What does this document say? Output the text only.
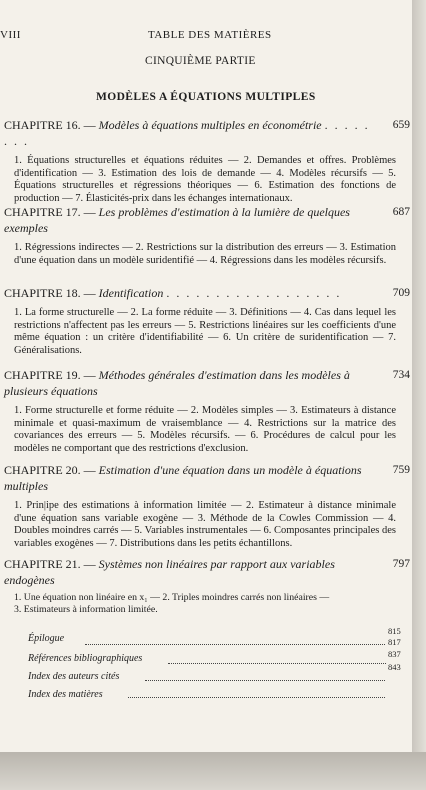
VIII	TABLE DES MATIÈRES
CINQUIÈME PARTIE
MODÈLES A ÉQUATIONS MULTIPLES
CHAPITRE 16. — Modèles à équations multiples en économétrie . . . . . . . .
659
1. Équations structurelles et équations réduites — 2. Demandes et offres. Problèmes d'identification — 3. Estimation des lois de demande — 4. Modèles récursifs — 5. Équations structurelles et régressions théoriques — 6. Estimation des fonctions de production — 7. Élasticités-prix dans les échanges internationaux.
CHAPITRE 17. — Les problèmes d'estimation à la lumière de quelques exemples
687
1. Régressions indirectes — 2. Restrictions sur la distribution des erreurs — 3. Estimation d'une équation dans un modèle suridentifié — 4. Régressions dans les modèles récursifs.
CHAPITRE 18. — Identification . . . . . . . . . . . . . . . . . .	709
1. La forme structurelle — 2. La forme réduite — 3. Définitions — 4. Cas dans lequel les restrictions n'affectent pas les erreurs — 5. Restrictions linéaires sur les coefficients d'une même équation : un critère d'identifiabilité — 6. Un critère de suridentification — 7. Généralisations.
CHAPITRE 19. — Méthodes générales d'estimation dans les modèles à plusieurs équations
734
1. Forme structurelle et forme réduite — 2. Modèles simples — 3. Estimateurs à distance minimale et quasi-maximum de vraisemblance — 4. Restrictions sur la matrice des covariances des erreurs — 5. Modèles récursifs. — 6. Procédures de calcul pour les modèles ne comportant que des restrictions d'exclusion.
CHAPITRE 20. — Estimation d'une équation dans un modèle à équations multiples
759
1. Prin|ipe des estimations à information limitée — 2. Estimateur à distance minimale d'une équation sans variable exogène — 3. Méthode de la Cowles Commission — 4. Doubles moindres carrés — 5. Variables instrumentales — 6. Composantes principales des variables exogènes — 7. Distributions dans les petits échantillons.
CHAPITRE 21. — Systèmes non linéaires par rapport aux variables endogènes
797
1. Une équation non linéaire en x₁ — 2. Triples moindres carrés non linéaires —
3. Estimateurs à information limitée.
Épilogue
815
Références bibliographiques
817
Index des auteurs cités
837
Index des matières
843
